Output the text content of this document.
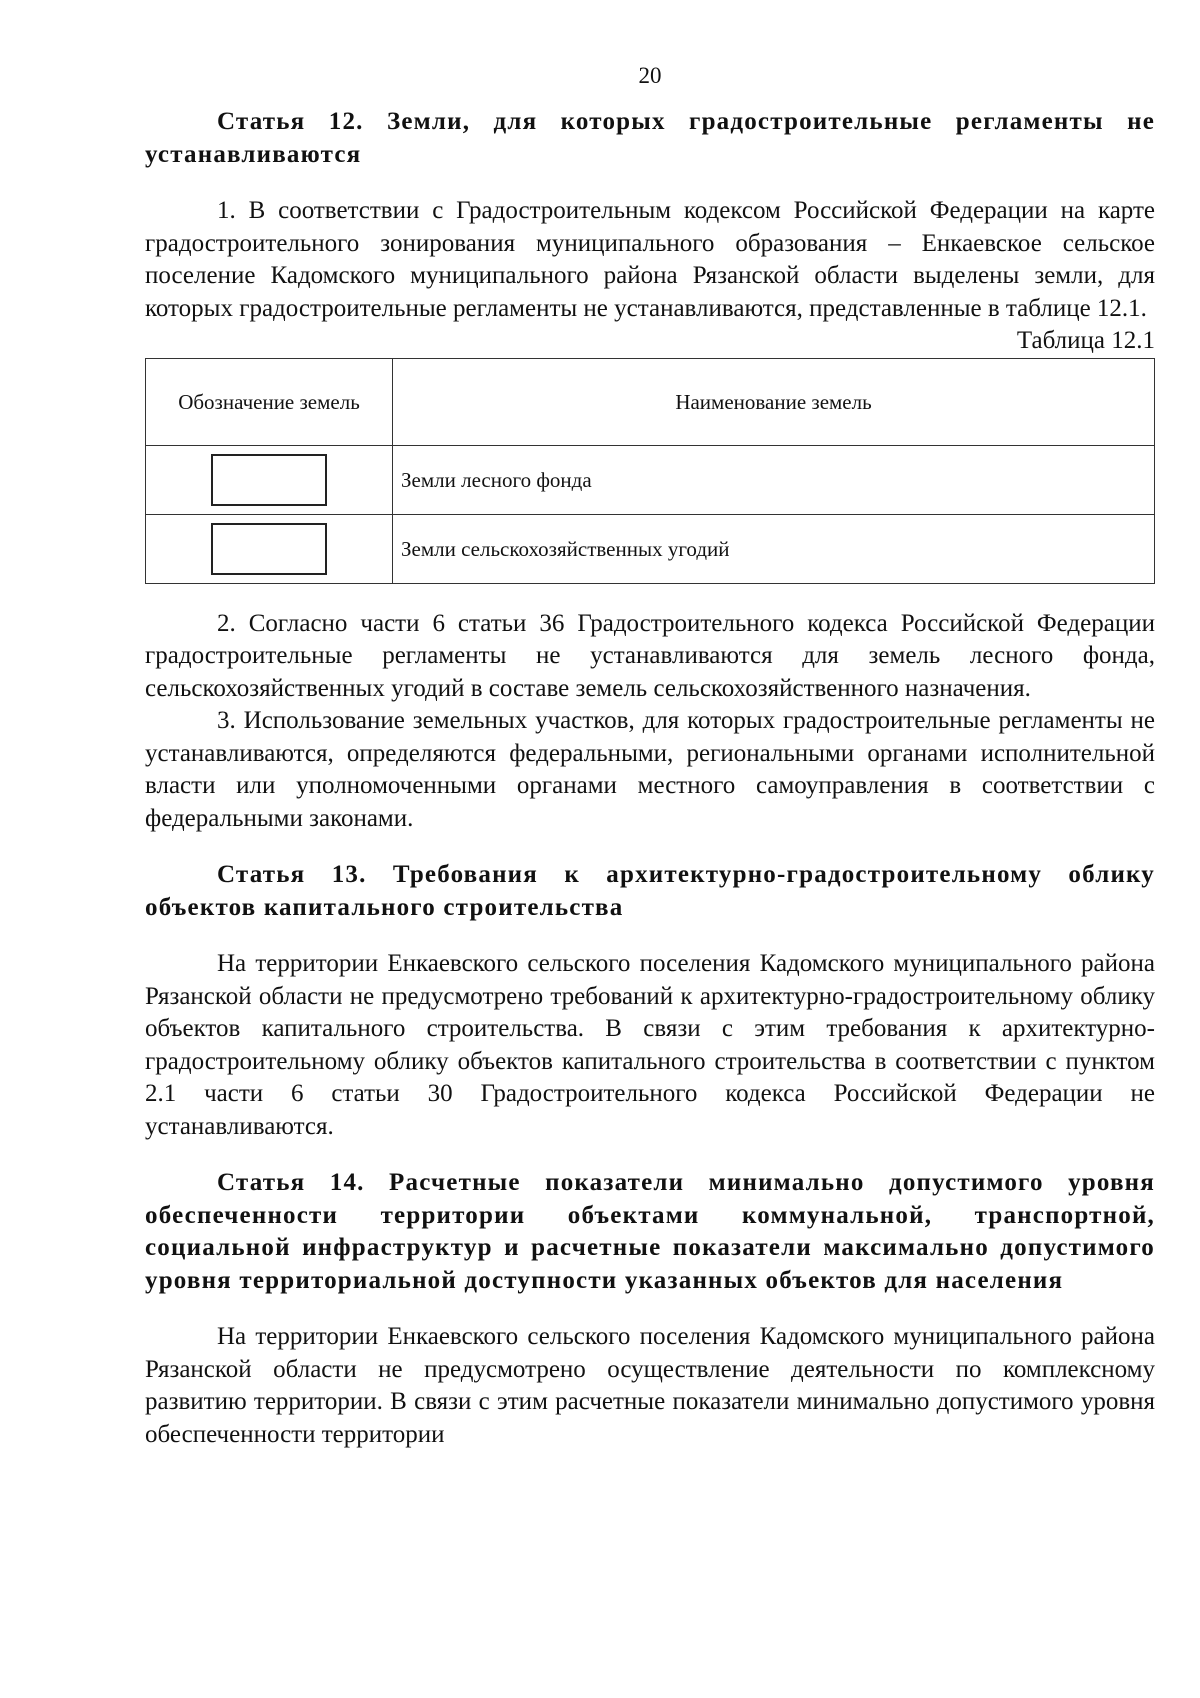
20
Статья 12. Земли, для которых градостроительные регламенты не устанавливаются

1. В соответствии с Градостроительным кодексом Российской Федерации на карте градостроительного зонирования муниципального образования – Енкаевское сельское поселение Кадомского муниципального района Рязанской области выделены земли, для которых градостроительные регламенты не устанавливаются, представленные в таблице 12.1.

Таблица 12.1

Обозначение земель	Наименование земель
	Земли лесного фонда
	Земли сельскохозяйственных угодий

2. Согласно части 6 статьи 36 Градостроительного кодекса Российской Федерации градостроительные регламенты не устанавливаются для земель лесного фонда, сельскохозяйственных угодий в составе земель сельскохозяйственного назначения.

3. Использование земельных участков, для которых градостроительные регламенты не устанавливаются, определяются федеральными, региональными органами исполнительной власти или уполномоченными органами местного самоуправления в соответствии с федеральными законами.

Статья 13. Требования к архитектурно-градостроительному облику объектов капитального строительства

На территории Енкаевского сельского поселения Кадомского муниципального района Рязанской области не предусмотрено требований к архитектурно-градостроительному облику объектов капитального строительства. В связи с этим требования к архитектурно-градостроительному облику объектов капитального строительства в соответствии с пунктом 2.1 части 6 статьи 30 Градостроительного кодекса Российской Федерации не устанавливаются.

Статья 14. Расчетные показатели минимально допустимого уровня обеспеченности территории объектами коммунальной, транспортной, социальной инфраструктур и расчетные показатели максимально допустимого уровня территориальной доступности указанных объектов для населения

На территории Енкаевского сельского поселения Кадомского муниципального района Рязанской области не предусмотрено осуществление деятельности по комплексному развитию территории. В связи с этим расчетные показатели минимально допустимого уровня обеспеченности территории
